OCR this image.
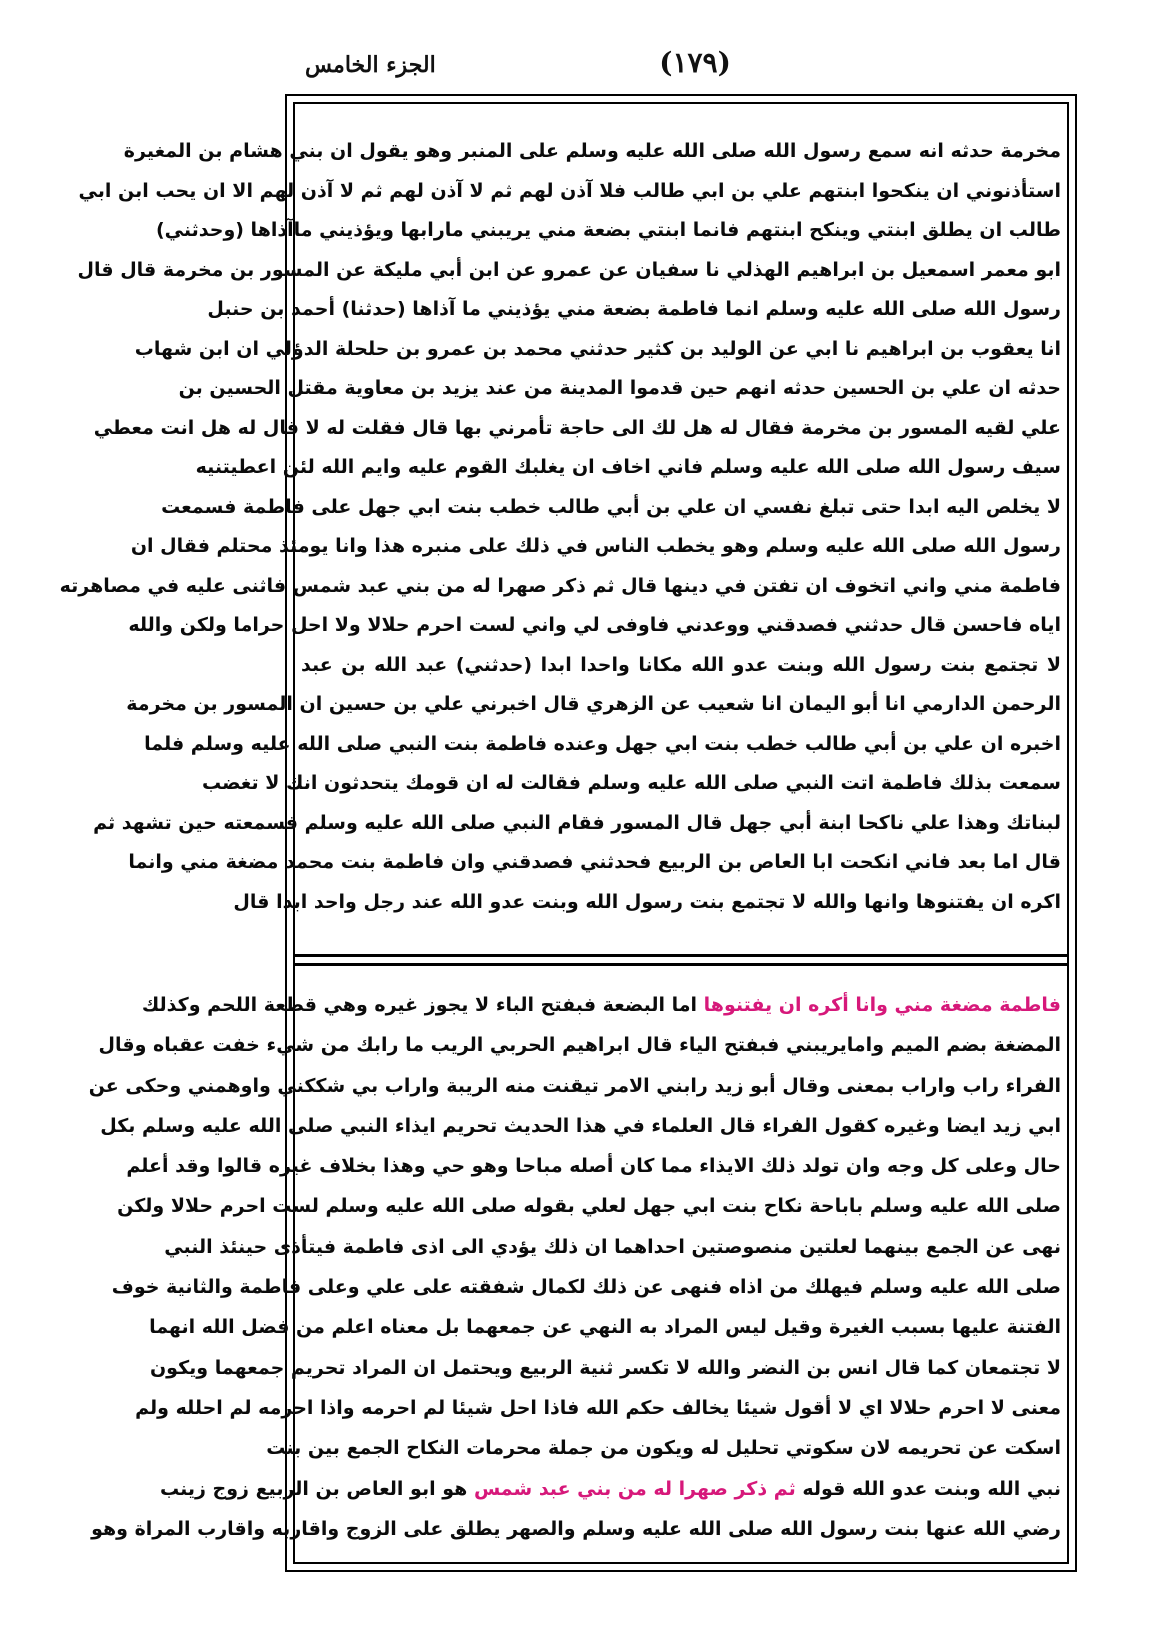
(١٧٩)
الجزء الخامس
مخرمة حدثه انه سمع رسول الله صلى الله عليه وسلم على المنبر وهو يقول ان بني هشام بن المغيرة
استأذنوني ان ينكحوا ابنتهم علي بن ابي طالب فلا آذن لهم ثم لا آذن لهم ثم لا آذن لهم الا ان يحب ابن ابي
طالب ان يطلق ابنتي وينكح ابنتهم فانما ابنتي بضعة مني يريبني مارابها ويؤذيني ماآذاها (وحدثني)
ابو معمر اسمعيل بن ابراهيم الهذلي نا سفيان عن عمرو عن ابن أبي مليكة عن المسور بن مخرمة قال قال
رسول الله صلى الله عليه وسلم انما فاطمة بضعة مني يؤذيني ما آذاها (حدثنا) أحمد بن حنبل
انا يعقوب بن ابراهيم نا ابي عن الوليد بن كثير حدثني محمد بن عمرو بن حلحلة الدؤلي ان ابن شهاب
حدثه ان علي بن الحسين حدثه انهم حين قدموا المدينة من عند يزيد بن معاوية مقتل الحسين بن
علي لقيه المسور بن مخرمة فقال له هل لك الى حاجة تأمرني بها قال فقلت له لا قال له هل انت معطي
سيف رسول الله صلى الله عليه وسلم فاني اخاف ان يغلبك القوم عليه وايم الله لئن اعطيتنيه
لا يخلص اليه ابدا حتى تبلغ نفسي ان علي بن أبي طالب خطب بنت ابي جهل على فاطمة فسمعت
رسول الله صلى الله عليه وسلم وهو يخطب الناس في ذلك على منبره هذا وانا يومئذ محتلم فقال ان
فاطمة مني واني اتخوف ان تفتن في دينها قال ثم ذكر صهرا له من بني عبد شمس فاثنى عليه في مصاهرته
اياه فاحسن قال حدثني فصدقني ووعدني فاوفى لي واني لست احرم حلالا ولا احل حراما ولكن والله
لا تجتمع بنت رسول الله وبنت عدو الله مكانا واحدا ابدا (حدثني) عبد الله بن عبد
الرحمن الدارمي انا أبو اليمان انا شعيب عن الزهري قال اخبرني علي بن حسين ان المسور بن مخرمة
اخبره ان علي بن أبي طالب خطب بنت ابي جهل وعنده فاطمة بنت النبي صلى الله عليه وسلم فلما
سمعت بذلك فاطمة اتت النبي صلى الله عليه وسلم فقالت له ان قومك يتحدثون انك لا تغضب
لبناتك وهذا علي ناكحا ابنة أبي جهل قال المسور فقام النبي صلى الله عليه وسلم فسمعته حين تشهد ثم
قال اما بعد فاني انكحت ابا العاص بن الربيع فحدثني فصدقني وان فاطمة بنت محمد مضغة مني وانما
اكره ان يفتنوها وانها والله لا تجتمع بنت رسول الله وبنت عدو الله عند رجل واحد ابدا قال
فاطمة مضغة مني وانا أكره ان يفتنوها اما البضعة فبفتح الباء لا يجوز غيره وهي قطعة اللحم وكذلك
المضغة بضم الميم وامايريبني فبفتح الياء قال ابراهيم الحربي الريب ما رابك من شيء خفت عقباه وقال
الفراء راب واراب بمعنى وقال أبو زيد رابني الامر تيقنت منه الريبة واراب بي شككني واوهمني وحكى عن
ابي زيد ايضا وغيره كقول الفراء قال العلماء في هذا الحديث تحريم ايذاء النبي صلى الله عليه وسلم بكل
حال وعلى كل وجه وان تولد ذلك الايذاء مما كان أصله مباحا وهو حي وهذا بخلاف غيره قالوا وقد أعلم
صلى الله عليه وسلم باباحة نكاح بنت ابي جهل لعلي بقوله صلى الله عليه وسلم لست احرم حلالا ولكن
نهى عن الجمع بينهما لعلتين منصوصتين احداهما ان ذلك يؤدي الى اذى فاطمة فيتأذى حينئذ النبي
صلى الله عليه وسلم فيهلك من اذاه فنهى عن ذلك لكمال شفقته على علي وعلى فاطمة والثانية خوف
الفتنة عليها بسبب الغيرة وقيل ليس المراد به النهي عن جمعهما بل معناه اعلم من فضل الله انهما
لا تجتمعان كما قال انس بن النضر والله لا تكسر ثنية الربيع ويحتمل ان المراد تحريم جمعهما ويكون
معنى لا احرم حلالا اي لا أقول شيئا يخالف حكم الله فاذا احل شيئا لم احرمه واذا احرمه لم احلله ولم
اسكت عن تحريمه لان سكوتي تحليل له ويكون من جملة محرمات النكاح الجمع بين بنت
نبي الله وبنت عدو الله قوله ثم ذكر صهرا له من بني عبد شمس هو ابو العاص بن الربيع زوج زينب
رضي الله عنها بنت رسول الله صلى الله عليه وسلم والصهر يطلق على الزوج واقاربه واقارب المراة وهو
